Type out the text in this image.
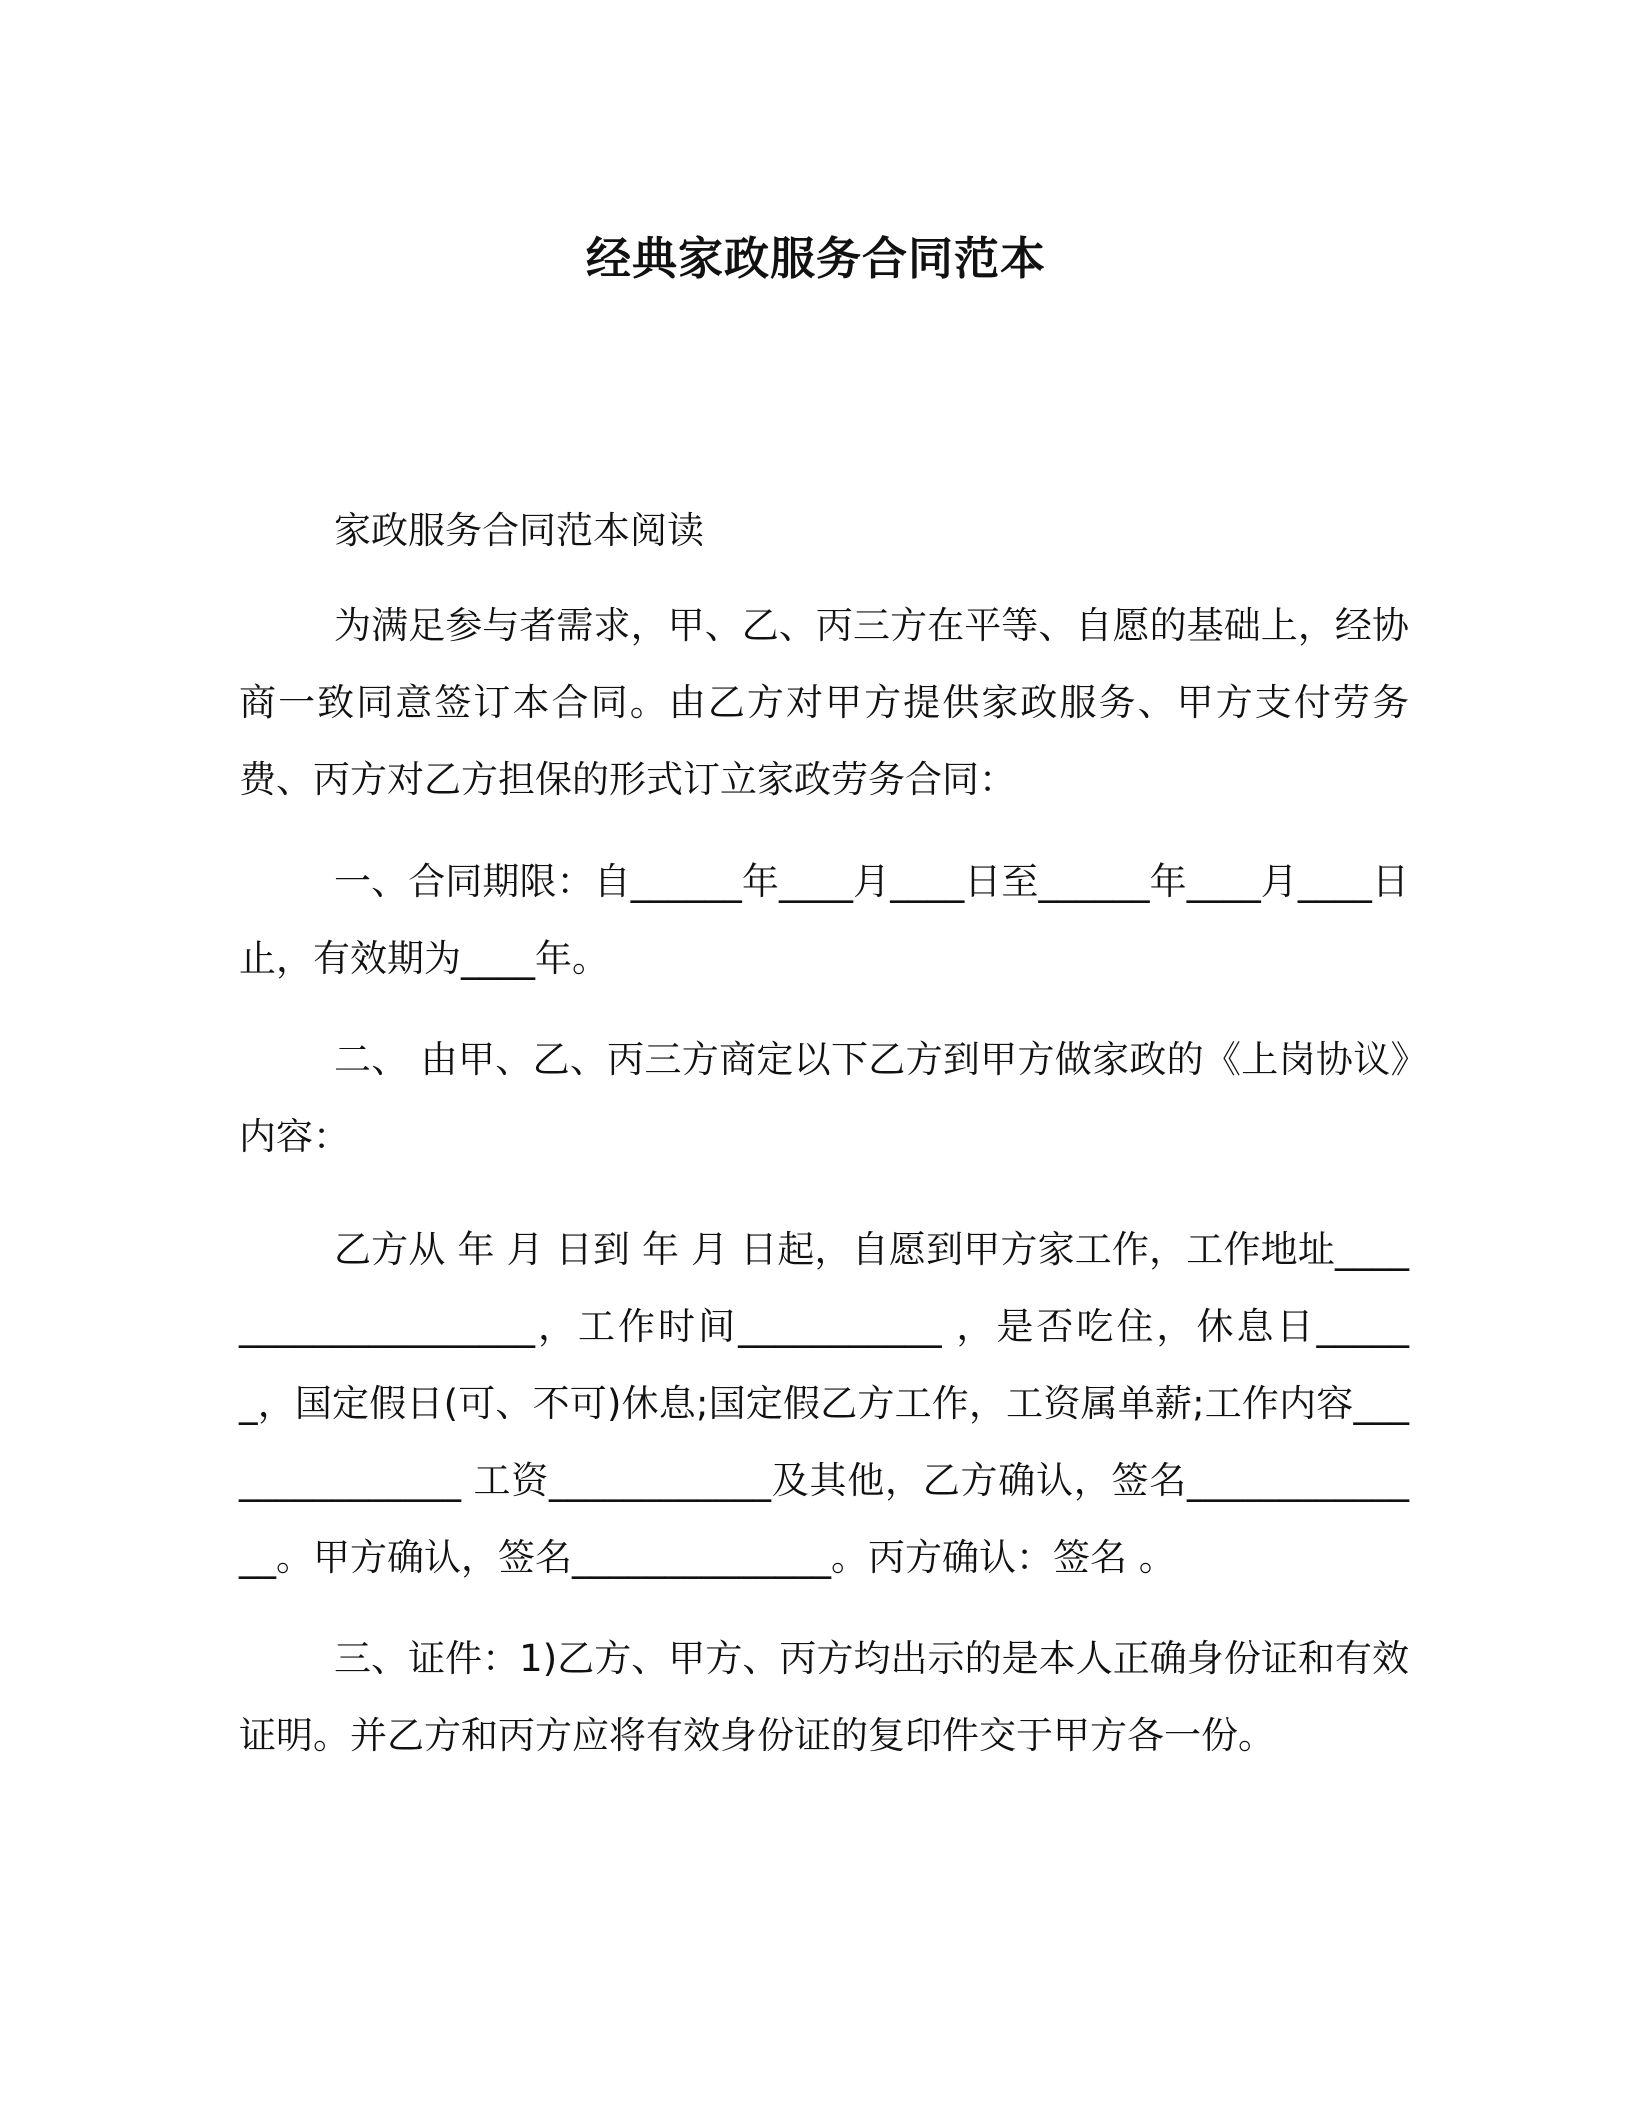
经典家政服务合同范本
家政服务合同范本阅读
为满足参与者需求，甲、乙、丙三方在平等、自愿的基础上，经协商一致同意签订本合同。由乙方对甲方提供家政服务、甲方支付劳务费、丙方对乙方担保的形式订立家政劳务合同：
一、合同期限：自______年____月____日至______年____月____日止，有效期为____年。
二、 由甲、乙、丙三方商定以下乙方到甲方做家政的《上岗协议》内容：
乙方从 年 月 日到 年 月 日起，自愿到甲方家工作，工作地址____________________，工作时间___________ ，是否吃住，休息日______，国定假日(可、不可)休息;国定假乙方工作，工资属单薪;工作内容_______________ 工资____________及其他，乙方确认，签名______________。甲方确认，签名______________。丙方确认：签名 。
三、证件：1)乙方、甲方、丙方均出示的是本人正确身份证和有效证明。并乙方和丙方应将有效身份证的复印件交于甲方各一份。
